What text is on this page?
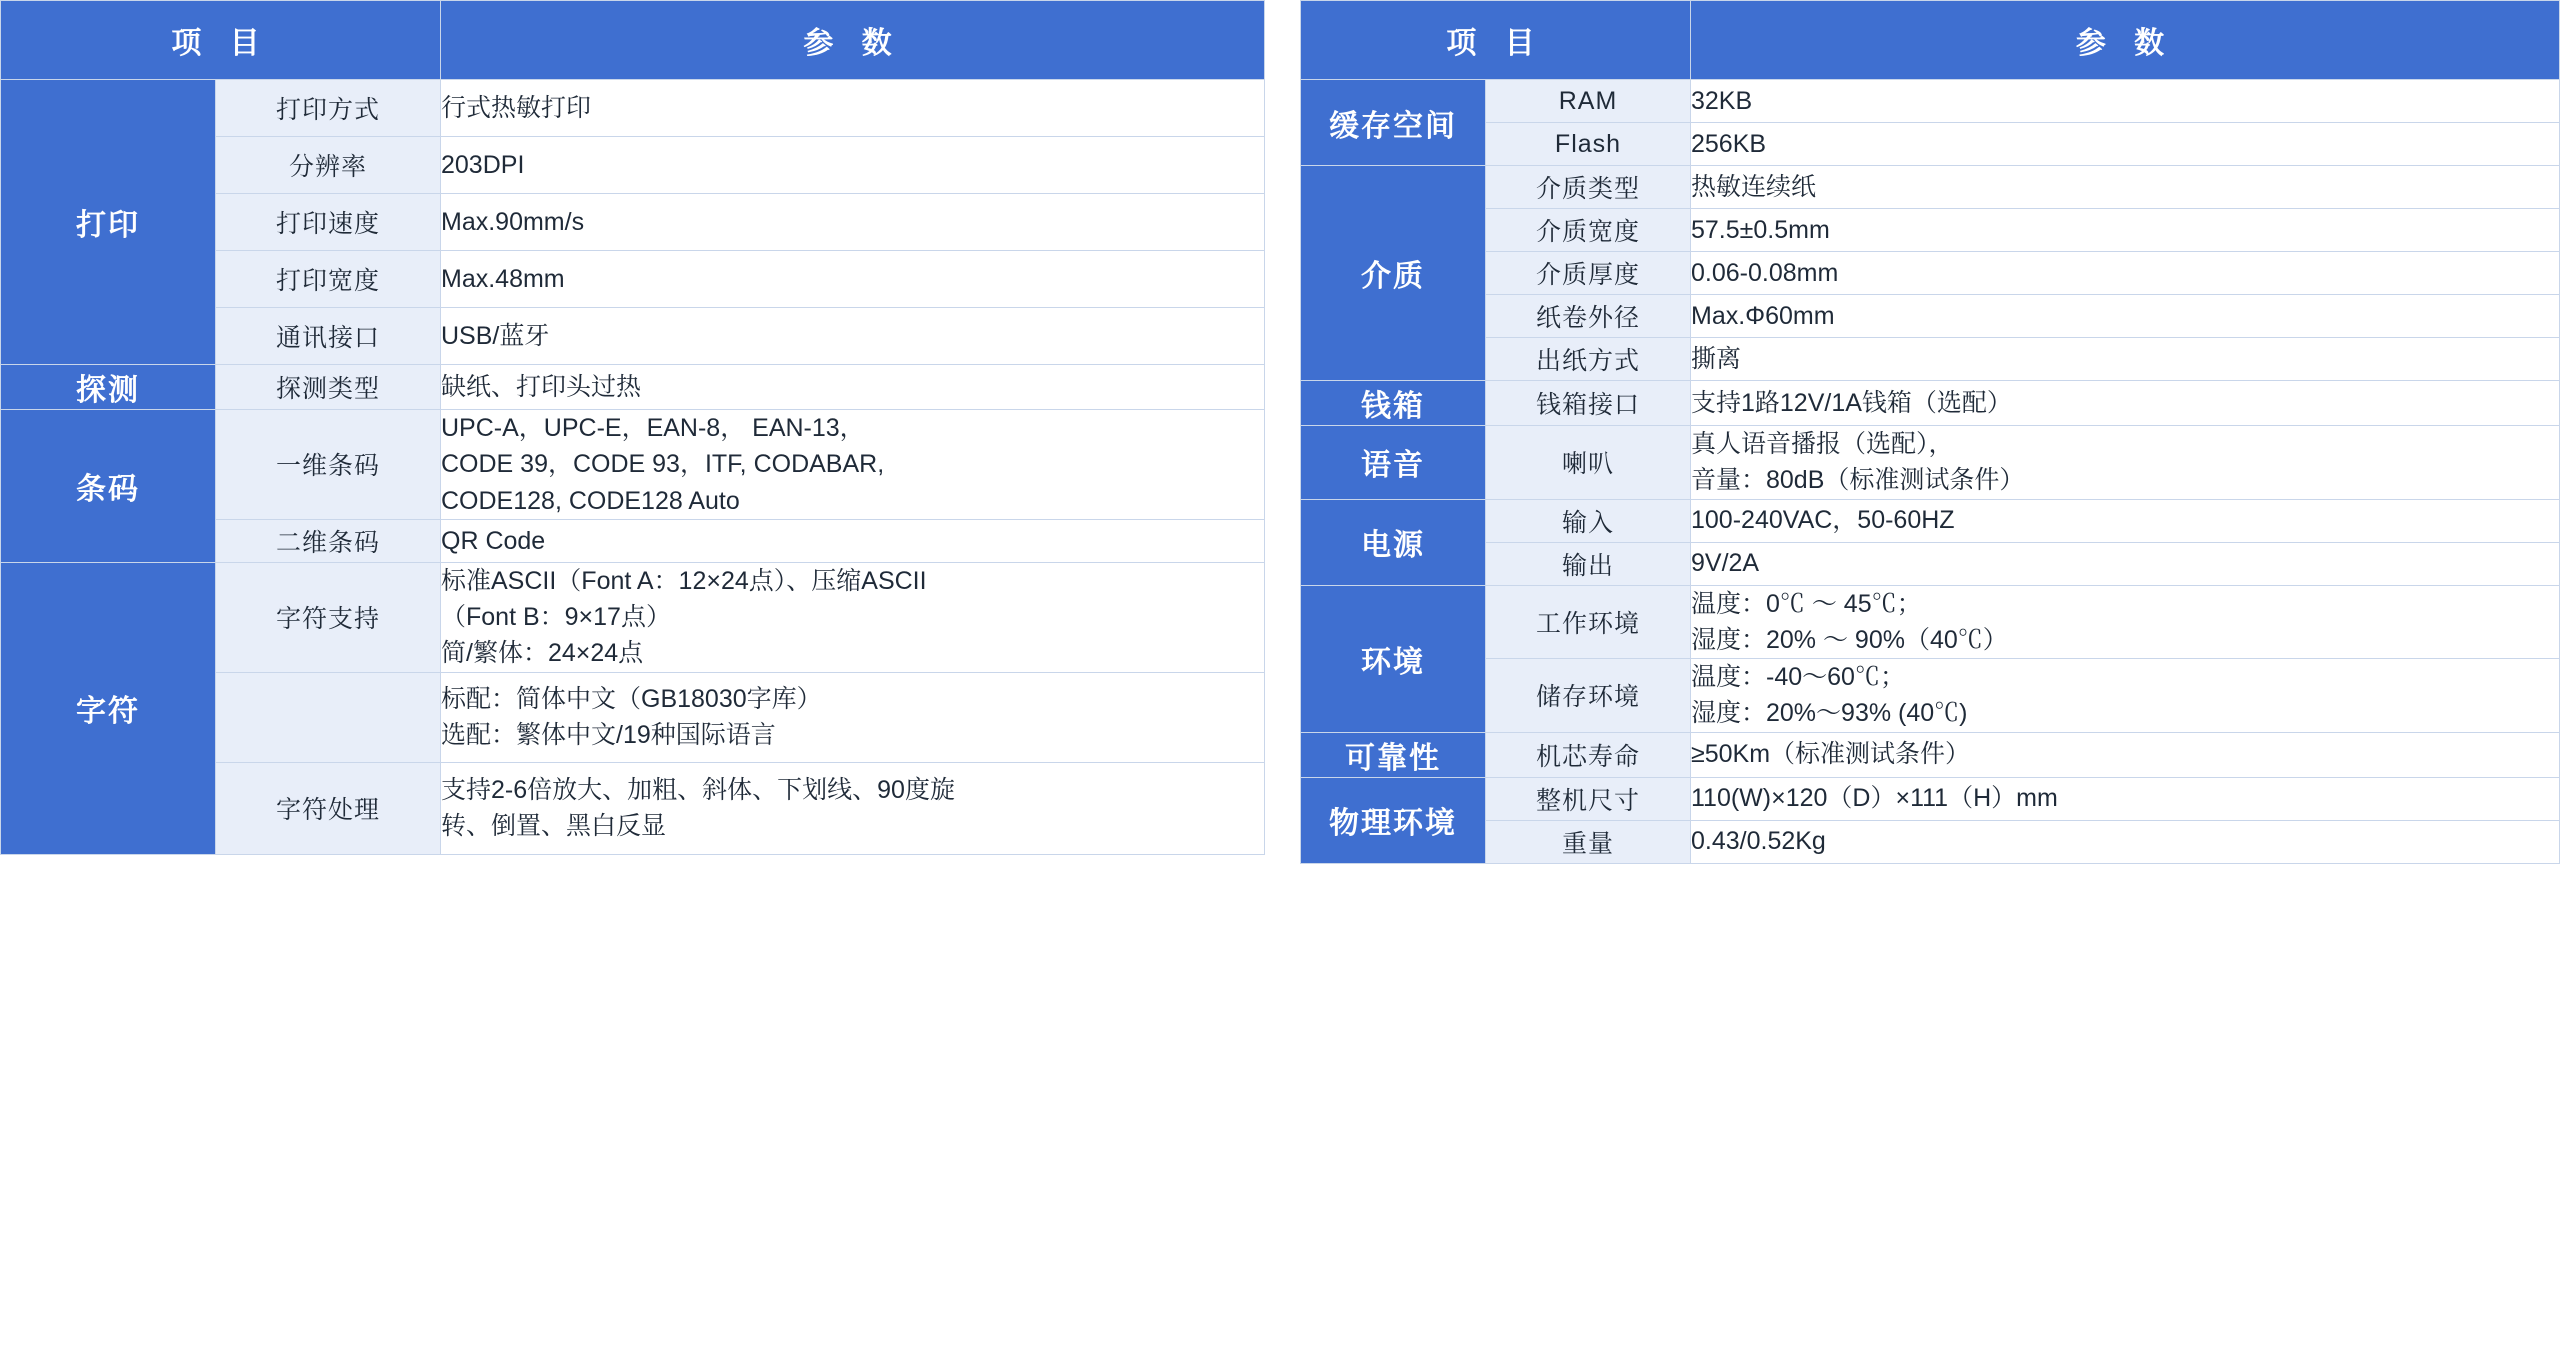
项 目		参 数
打印	打印方式	行式热敏打印

	分辨率	203DPI

	打印速度	Max.90mm/s

	打印宽度	Max.48mm

	通讯接口	USB/蓝牙

探测	探测类型	缺纸、打印头过热

条码	一维条码	UPC-A，UPC-E，EAN-8， EAN-13，
CODE 39，CODE 93，ITF, CODABAR,
CODE128, CODE128 Auto

	二维条码	QR Code

字符	字符支持	标准ASCII（Font A：12×24点）、压缩ASCII
（Font B：9×17点）
简/繁体：24×24点

		标配：简体中文（GB18030字库）
选配：繁体中文/19种国际语言

	字符处理	支持2-6倍放大、加粗、斜体、下划线、90度旋
转、倒置、黑白反显
项 目		参 数
缓存空间	RAM	32KB

	Flash	256KB

介质	介质类型	热敏连续纸

	介质宽度	57.5±0.5mm

	介质厚度	0.06-0.08mm

	纸卷外径	Max.Φ60mm

	出纸方式	撕离

钱箱	钱箱接口	支持1路12V/1A钱箱（选配）

语音	喇叭	真人语音播报（选配），
音量：80dB（标准测试条件）

电源	输入	100-240VAC，50-60HZ

	输出	9V/2A

环境	工作环境	温度：0℃ ～ 45℃；
湿度：20% ～ 90%（40℃）

	储存环境	温度：-40～60℃；
湿度：20%～93% (40℃)

可靠性	机芯寿命	≥50Km（标准测试条件）

物理环境	整机尺寸	110(W)×120（D）×111（H）mm

	重量	0.43/0.52Kg
